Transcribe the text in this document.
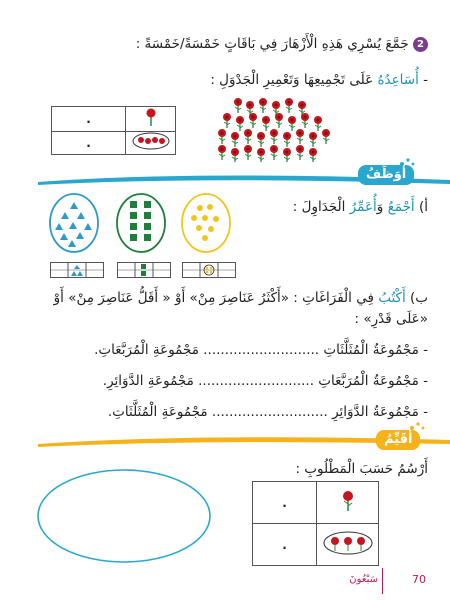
2 جَمَّعَ يُسْرِي هَذِهِ الْأَزْهَارَ فِي بَاقَاتٍ خَمْسَةً/خَمْسَةً :
- أُسَاعِدُهُ عَلَى تَجْمِيعِهَا وَتَعْمِيرِ الْجَدْوَلِ :
.	
.	
أُوَظِّفُ
أ) أَجْمَعُ وَأُعَمِّرُ الْجَدَاوِلَ :
ب) أَكْتُبُ فِي الْفَرَاغَاتِ : «أَكْثَرُ عَنَاصِرَ مِنْ» أَوْ « أَقَلُّ عَنَاصِرَ مِنْ» أَوْ
«عَلَى قَدْرِ» :
- مَجْمُوعَةُ الْمُثَلَّثَاتِ ........................... مَجْمُوعَةِ الْمُرَبَّعَاتِ.
- مَجْمُوعَةُ الْمُرَبَّعَاتِ ........................... مَجْمُوعَةِ الدَّوَائِرِ.
- مَجْمُوعَةُ الدَّوَائِرِ ........................... مَجْمُوعَةِ الْمُثَلَّثَاتِ.
أُقَيِّمُ
أَرْسُمُ حَسَبَ الْمَطْلُوبِ :
.	
.	
سَبْعُونَ	70
